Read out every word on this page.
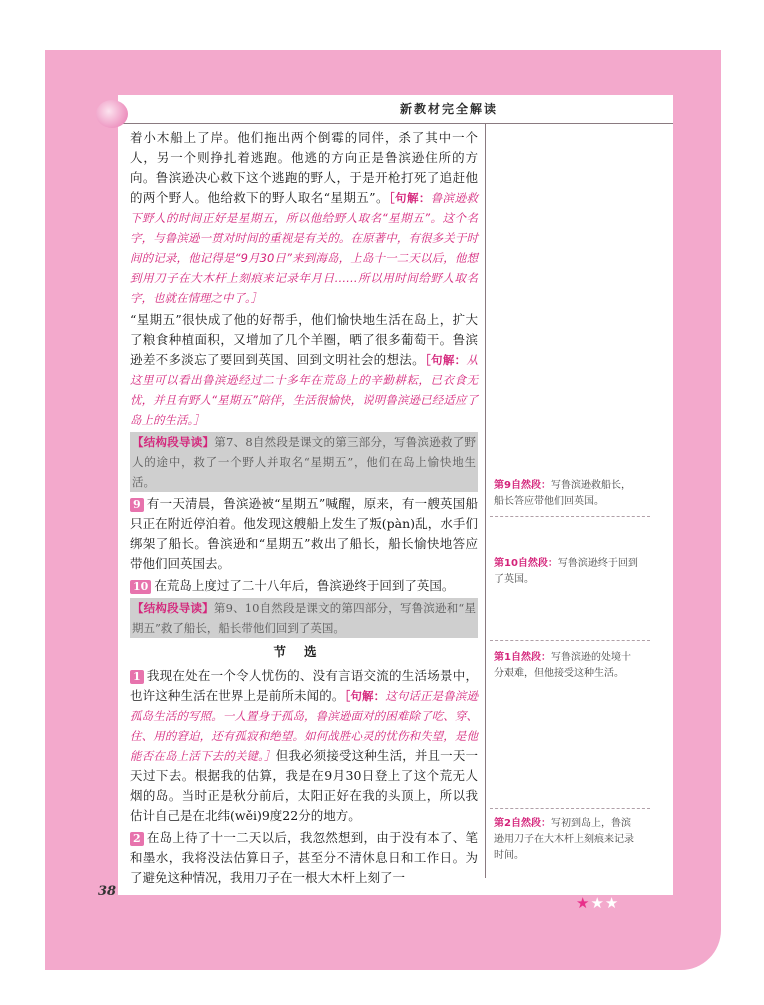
新教材完全解读

着小木船上了岸。他们拖出两个倒霉的同伴，杀了其中一个人，另一个则挣扎着逃跑。他逃的方向正是鲁滨逊住所的方向。鲁滨逊决心救下这个逃跑的野人，于是开枪打死了追赶他的两个野人。他给救下的野人取名“星期五”。［句解：鲁滨逊救下野人的时间正好是星期五，所以他给野人取名“星期五”。这个名字，与鲁滨逊一贯对时间的重视是有关的。在原著中，有很多关于时间的记录，他记得是“9月30日”来到海岛，上岛十一二天以后，他想到用刀子在大木杆上刻痕来记录年月日……所以用时间给野人取名字，也就在情理之中了。］

“星期五”很快成了他的好帮手，他们愉快地生活在岛上，扩大了粮食种植面积，又增加了几个羊圈，晒了很多葡萄干。鲁滨逊差不多淡忘了要回到英国、回到文明社会的想法。［句解：从这里可以看出鲁滨逊经过二十多年在荒岛上的辛勤耕耘，已衣食无忧，并且有野人“星期五”陪伴，生活很愉快，说明鲁滨逊已经适应了岛上的生活。］

【结构段导读】第7、8自然段是课文的第三部分，写鲁滨逊救了野人的途中，救了一个野人并取名“星期五”，他们在岛上愉快地生活。

9 有一天清晨，鲁滨逊被“星期五”喊醒，原来，有一艘英国船只正在附近停泊着。他发现这艘船上发生了叛(pàn)乱，水手们绑架了船长。鲁滨逊和“星期五”救出了船长，船长愉快地答应带他们回英国去。

10 在荒岛上度过了二十八年后，鲁滨逊终于回到了英国。

【结构段导读】第9、10自然段是课文的第四部分，写鲁滨逊和“星期五”救了船长，船长带他们回到了英国。

节选

1 我现在处在一个令人忧伤的、没有言语交流的生活场景中，也许这种生活在世界上是前所未闻的。［句解：这句话正是鲁滨逊孤岛生活的写照。一人置身于孤岛，鲁滨逊面对的困难除了吃、穿、住、用的窘迫，还有孤寂和绝望。如何战胜心灵的忧伤和失望，是他能否在岛上活下去的关键。］但我必须接受这种生活，并且一天一天过下去。根据我的估算，我是在9月30日登上了这个荒无人烟的岛。当时正是秋分前后，太阳正好在我的头顶上，所以我估计自己是在北纬(wěi)9度22分的地方。

2 在岛上待了十一二天以后，我忽然想到，由于没有本了、笔和墨水，我将没法估算日子，甚至分不清休息日和工作日。为了避免这种情况，我用刀子在一根大木杆上刻了一

第9自然段：写鲁滨逊救船长，船长答应带他们回英国。
第10自然段：写鲁滨逊终于回到了英国。
第1自然段：写鲁滨逊的处境十分艰难，但他接受这种生活。
第2自然段：写初到岛上，鲁滨逊用刀子在大木杆上刻痕来记录时间。
38
★★★
